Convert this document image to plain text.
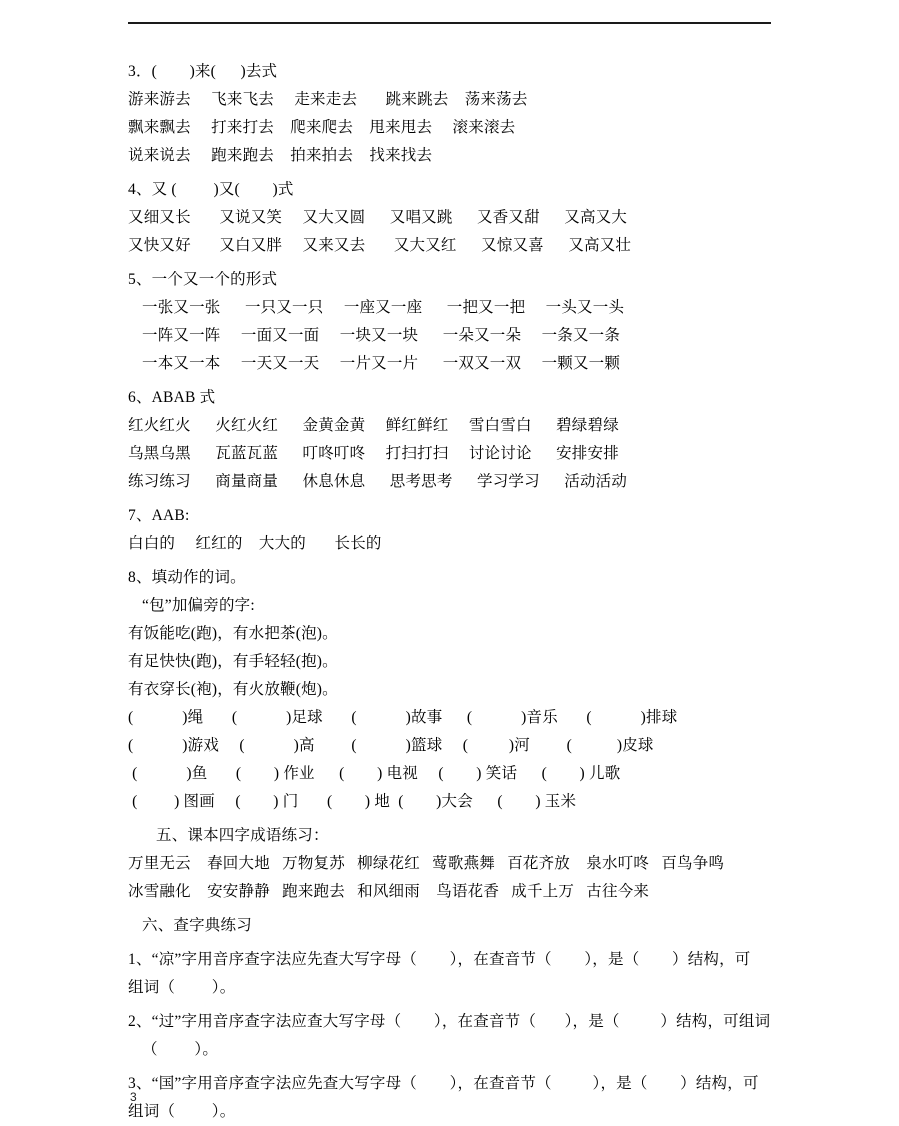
3．(        )来(      )去式
游来游去     飞来飞去     走来走去       跳来跳去    荡来荡去
飘来飘去     打来打去    爬来爬去    甩来甩去     滚来滚去
说来说去     跑来跑去    拍来拍去    找来找去
4、又 (         )又(        )式
又细又长       又说又笑     又大又圆      又唱又跳      又香又甜      又高又大
又快又好       又白又胖     又来又去       又大又红      又惊又喜      又高又壮
5、一个又一个的形式
一张又一张      一只又一只     一座又一座      一把又一把     一头又一头
一阵又一阵     一面又一面     一块又一块      一朵又一朵     一条又一条
一本又一本     一天又一天     一片又一片      一双又一双     一颗又一颗
6、ABAB 式
红火红火      火红火红      金黄金黄     鲜红鲜红     雪白雪白      碧绿碧绿
乌黑乌黑      瓦蓝瓦蓝      叮咚叮咚     打扫打扫     讨论讨论      安排安排
练习练习      商量商量      休息休息      思考思考      学习学习      活动活动
7、AAB:
白白的     红红的    大大的       长长的
8、填动作的词。
“包”加偏旁的字:
有饭能吃(跑)，有水把茶(泡)。
有足快快(跑)，有手轻轻(抱)。
有衣穿长(袍)，有火放鞭(炮)。
(            )绳       (            )足球       (            )故事      (            )音乐       (            )排球
(            )游戏     (            )高         (            )篮球     (          )河         (           )皮球
(            )鱼       (        ) 作业      (        ) 电视     (        ) 笑话      (        ) 儿歌
(         ) 图画     (        ) 门       (        ) 地  (        )大会      (        ) 玉米
五、课本四字成语练习：
万里无云    春回大地   万物复苏   柳绿花红   莺歌燕舞   百花齐放    泉水叮咚   百鸟争鸣
冰雪融化    安安静静   跑来跑去   和风细雨    鸟语花香   成千上万   古往今来
六、查字典练习
1、“凉”字用音序查字法应先查大写字母（        ），在查音节（        ），是（        ）结构，可
组词（         ）。
2、“过”字用音序查字法应查大写字母（        ），在查音节（       ），是（          ）结构，可组词
（         ）。
3、“国”字用音序查字法应先查大写字母（        ），在查音节（          ），是（        ）结构，可
组词（         ）。
3
